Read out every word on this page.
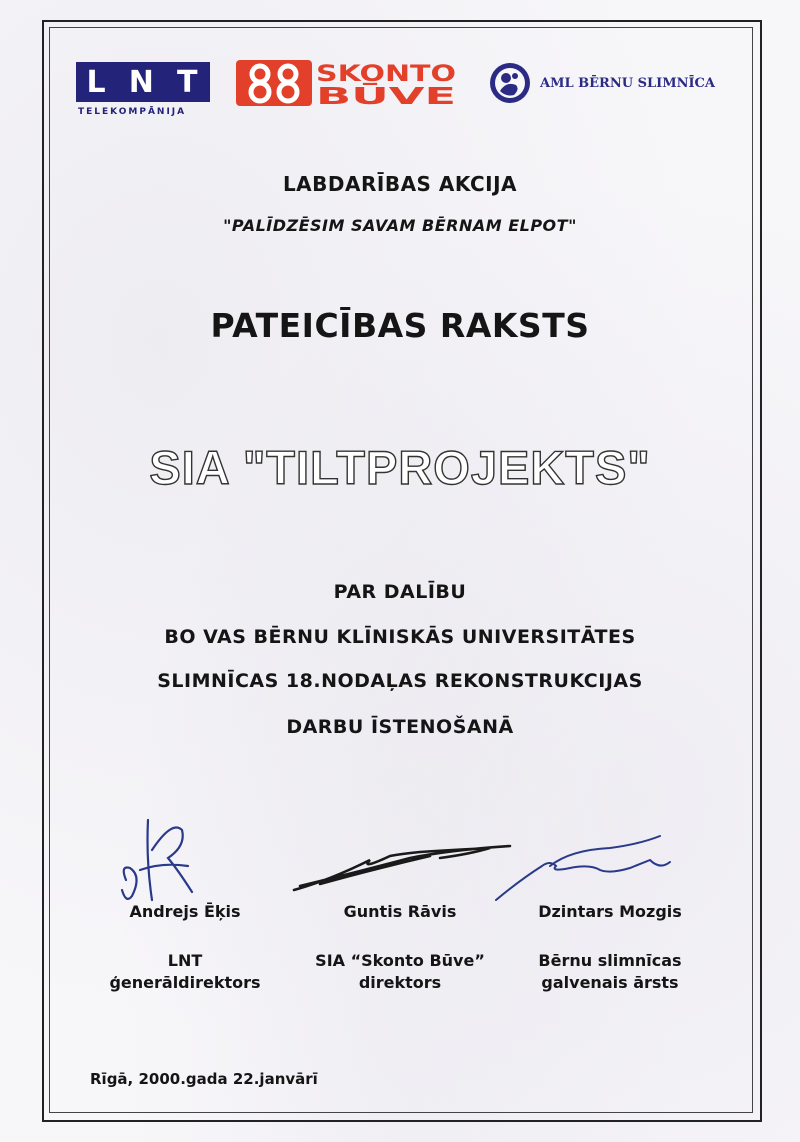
L N T
TELEKOMPĀNIJA
SKONTO
BŪVE
AML BĒRNU SLIMNĪCA
LABDARĪBAS AKCIJA
"PALĪDZĒSIM SAVAM BĒRNAM ELPOT"
PATEICĪBAS RAKSTS
SIA "TILTPROJEKTS"
PAR DALĪBU
BO VAS BĒRNU KLĪNISKĀS UNIVERSITĀTES
SLIMNĪCAS 18.NODAĻAS REKONSTRUKCIJAS
DARBU ĪSTENOŠANĀ
Andrejs Ēķis	Guntis Rāvis	Dzintars Mozgis
LNT
ģenerāldirektors
SIA “Skonto Būve”
direktors
Bērnu slimnīcas
galvenais ārsts
Rīgā, 2000.gada 22.janvārī
